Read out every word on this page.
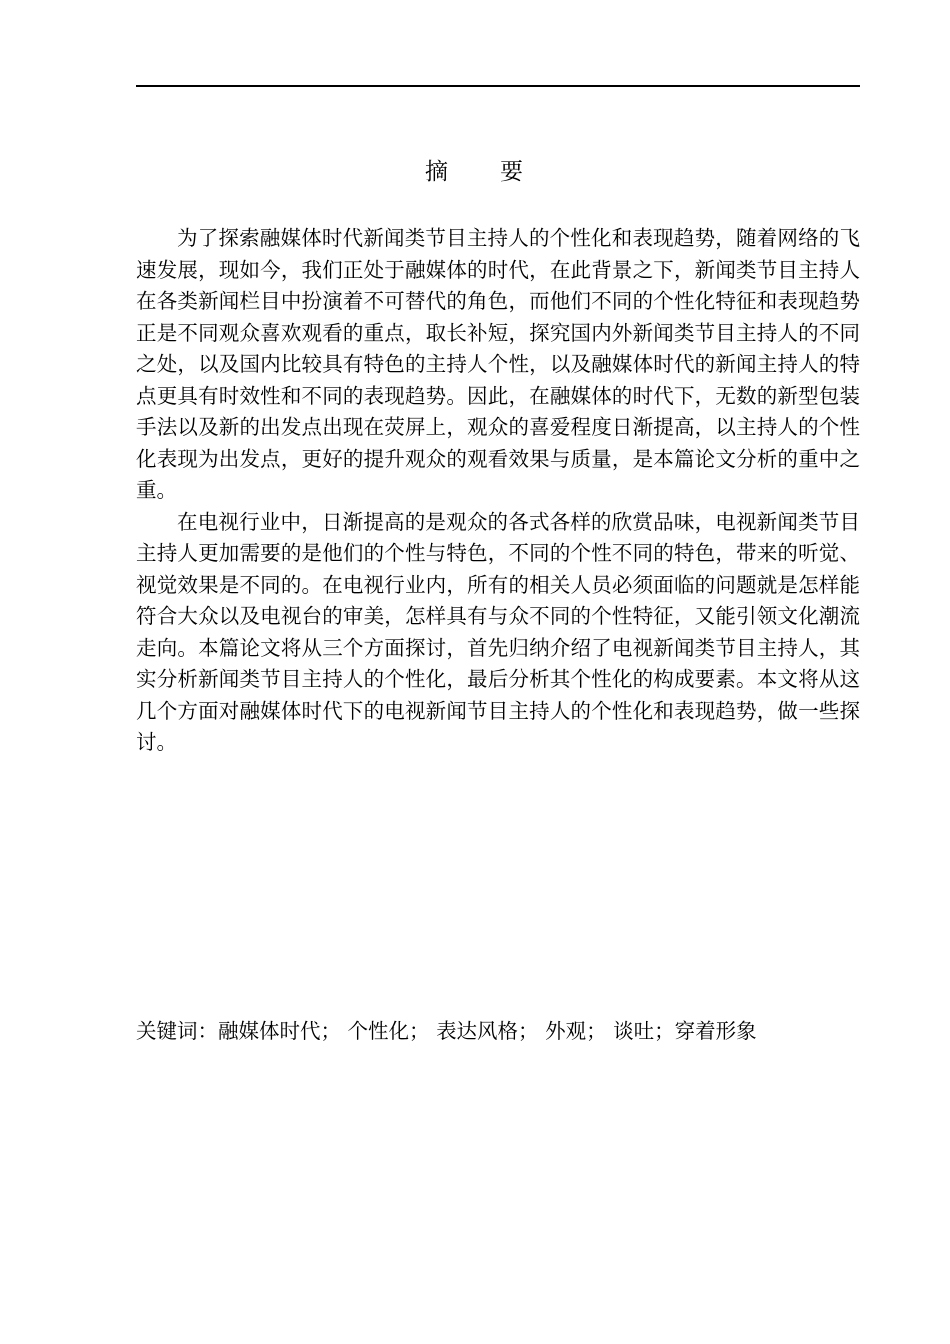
摘　　要

为了探索融媒体时代新闻类节目主持人的个性化和表现趋势，随着网络的飞速发展，现如今，我们正处于融媒体的时代，在此背景之下，新闻类节目主持人在各类新闻栏目中扮演着不可替代的角色，而他们不同的个性化特征和表现趋势正是不同观众喜欢观看的重点，取长补短，探究国内外新闻类节目主持人的不同之处，以及国内比较具有特色的主持人个性，以及融媒体时代的新闻主持人的特点更具有时效性和不同的表现趋势。因此，在融媒体的时代下，无数的新型包装手法以及新的出发点出现在荧屏上，观众的喜爱程度日渐提高，以主持人的个性化表现为出发点，更好的提升观众的观看效果与质量，是本篇论文分析的重中之重。

在电视行业中，日渐提高的是观众的各式各样的欣赏品味，电视新闻类节目主持人更加需要的是他们的个性与特色，不同的个性不同的特色，带来的听觉、视觉效果是不同的。在电视行业内，所有的相关人员必须面临的问题就是怎样能符合大众以及电视台的审美，怎样具有与众不同的个性特征，又能引领文化潮流走向。本篇论文将从三个方面探讨，首先归纳介绍了电视新闻类节目主持人，其实分析新闻类节目主持人的个性化，最后分析其个性化的构成要素。本文将从这几个方面对融媒体时代下的电视新闻节目主持人的个性化和表现趋势，做一些探讨。

关键词：融媒体时代； 个性化； 表达风格； 外观； 谈吐；穿着形象
